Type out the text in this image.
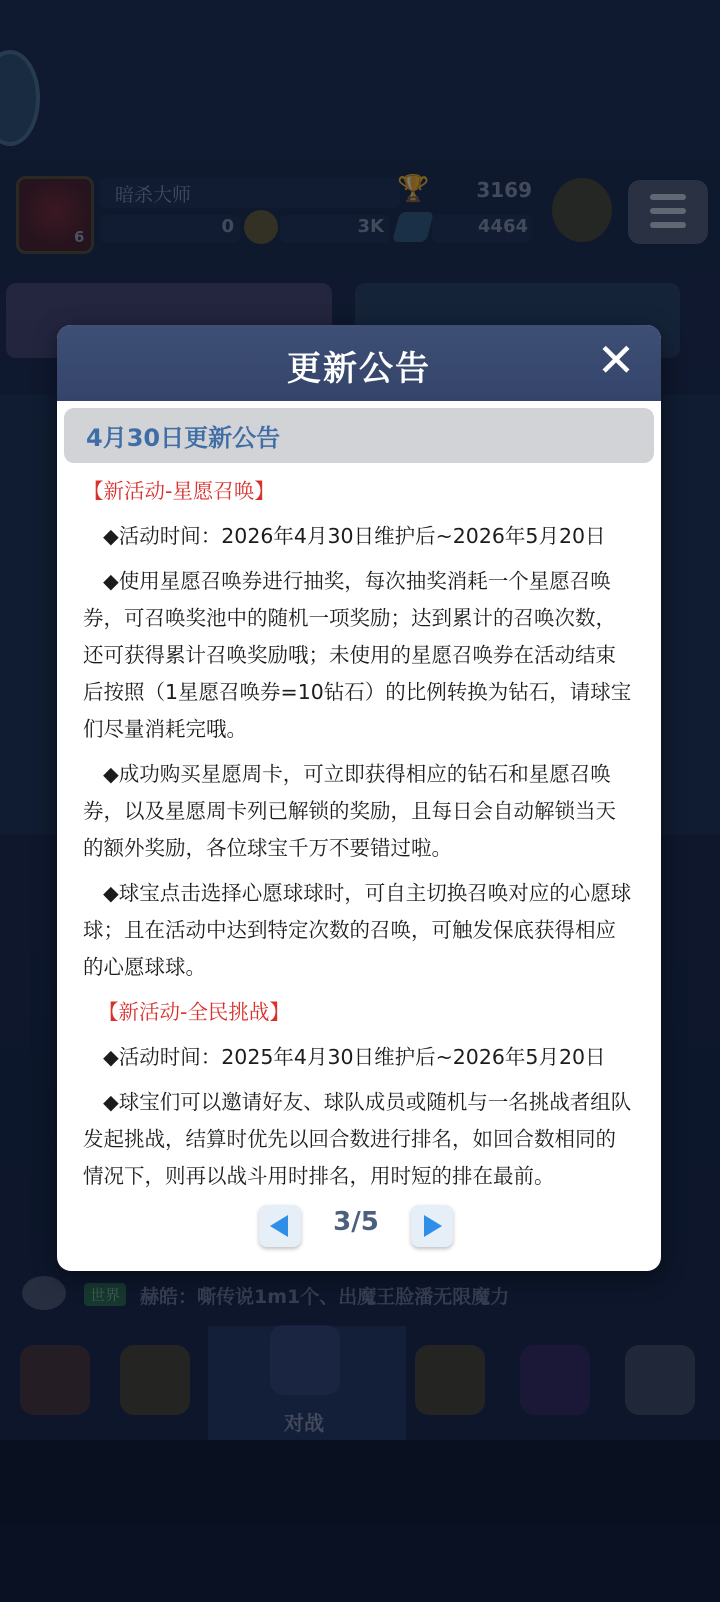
更新公告	✕
4月30日更新公告

【新活动-星愿召唤】

◆活动时间：2026年4月30日维护后~2026年5月20日

◆使用星愿召唤券进行抽奖，每次抽奖消耗一个星愿召唤券，可召唤奖池中的随机一项奖励；达到累计的召唤次数，还可获得累计召唤奖励哦；未使用的星愿召唤券在活动结束后按照（1星愿召唤券=10钻石）的比例转换为钻石，请球宝们尽量消耗完哦。

◆成功购买星愿周卡，可立即获得相应的钻石和星愿召唤券，以及星愿周卡列已解锁的奖励，且每日会自动解锁当天的额外奖励，各位球宝千万不要错过啦。

◆球宝点击选择心愿球球时，可自主切换召唤对应的心愿球球；且在活动中达到特定次数的召唤，可触发保底获得相应的心愿球球。

【新活动-全民挑战】

◆活动时间：2025年4月30日维护后~2026年5月20日

◆球宝们可以邀请好友、球队成员或随机与一名挑战者组队发起挑战，结算时优先以回合数进行排名，如回合数相同的情况下，则再以战斗用时排名，用时短的排在最前。

3/5
